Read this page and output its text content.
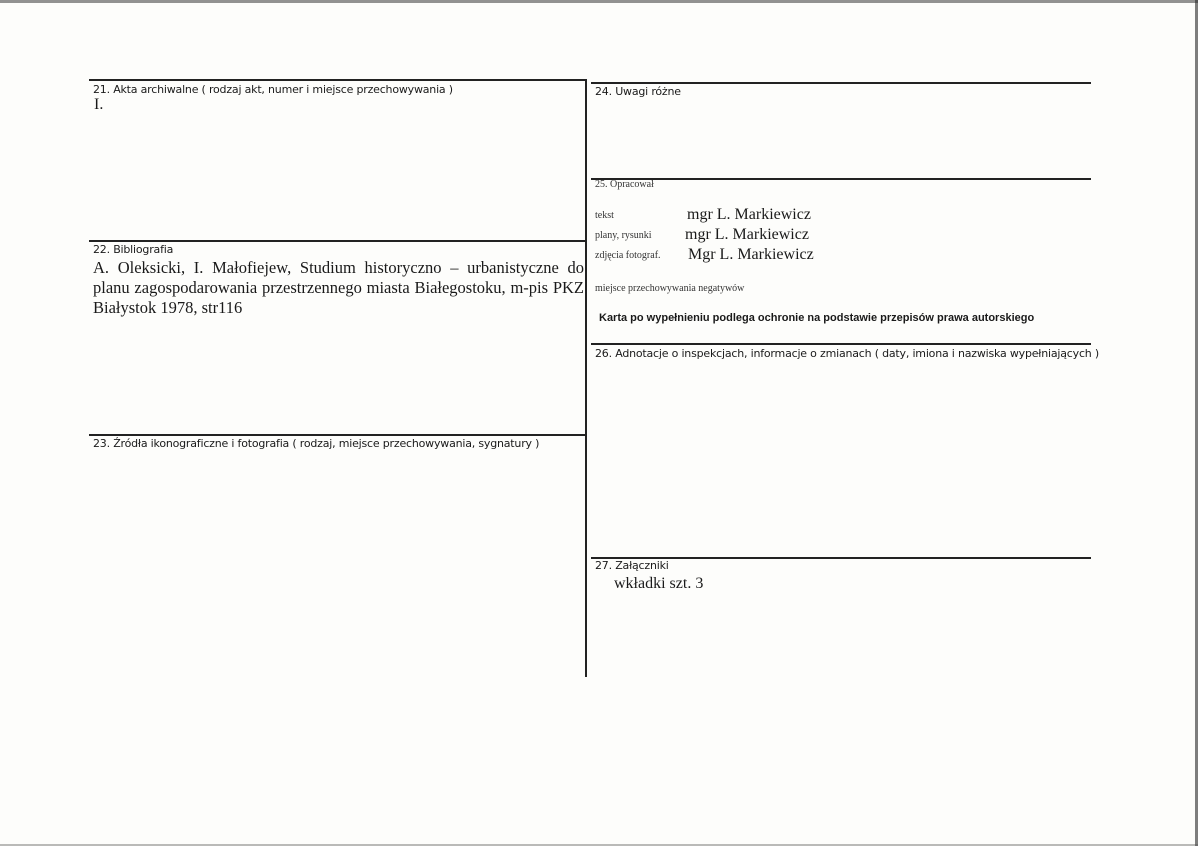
21. Akta archiwalne ( rodzaj akt, numer i miejsce przechowywania )
I.
22. Bibliografia
A. Oleksicki, I. Małofiejew, Studium historyczno – urbanistyczne do planu zagospodarowania przestrzennego miasta Białegostoku, m-pis PKZ Białystok 1978, str116
23. Źródła ikonograficzne i fotografia ( rodzaj, miejsce przechowywania, sygnatury )
24. Uwagi różne
25. Opracował
tekst	mgr L. Markiewicz
plany, rysunki mgr L. Markiewicz
zdjęcia fotograf. Mgr L. Markiewicz
miejsce przechowywania negatywów
Karta po wypełnieniu podlega ochronie na podstawie przepisów prawa autorskiego
26. Adnotacje o inspekcjach, informacje o zmianach ( daty, imiona i nazwiska wypełniających )
27. Załączniki
wkładki szt. 3
